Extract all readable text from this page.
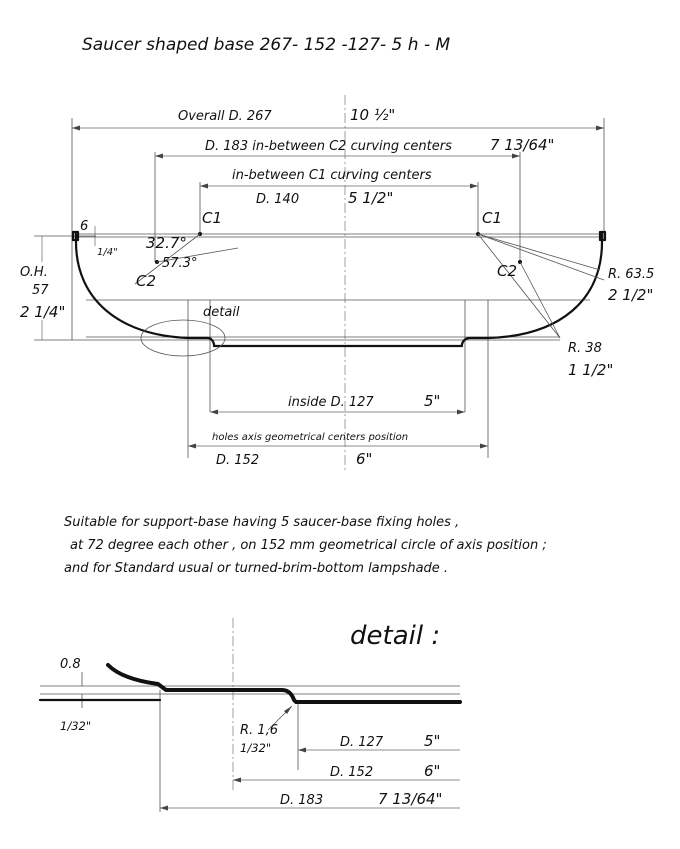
Saucer shaped base 267- 152 -127- 5 h - M
Overall D. 267	10 ½"
D. 183 in-between C2 curving centers	7 13/64"
in-between C1 curving centers
D. 140	5 1/2"
C1	C1
C2
C2
32.7°
57.3°
6
1/4"
O.H.
57
2 1/4"	detail
R. 63.5
2 1/2"
R. 38
1 1/2"
inside D. 127	5"
holes axis geometrical centers position
D. 152	6"
Suitable for support-base having 5 saucer-base fixing holes ,
at 72 degree each other , on 152 mm geometrical circle of axis position ;
and for Standard usual or turned-brim-bottom lampshade .
detail :
0.8
1/32"	R. 1,6
1/32"	D. 127	5"
D. 152	6"
D. 183	7 13/64"
